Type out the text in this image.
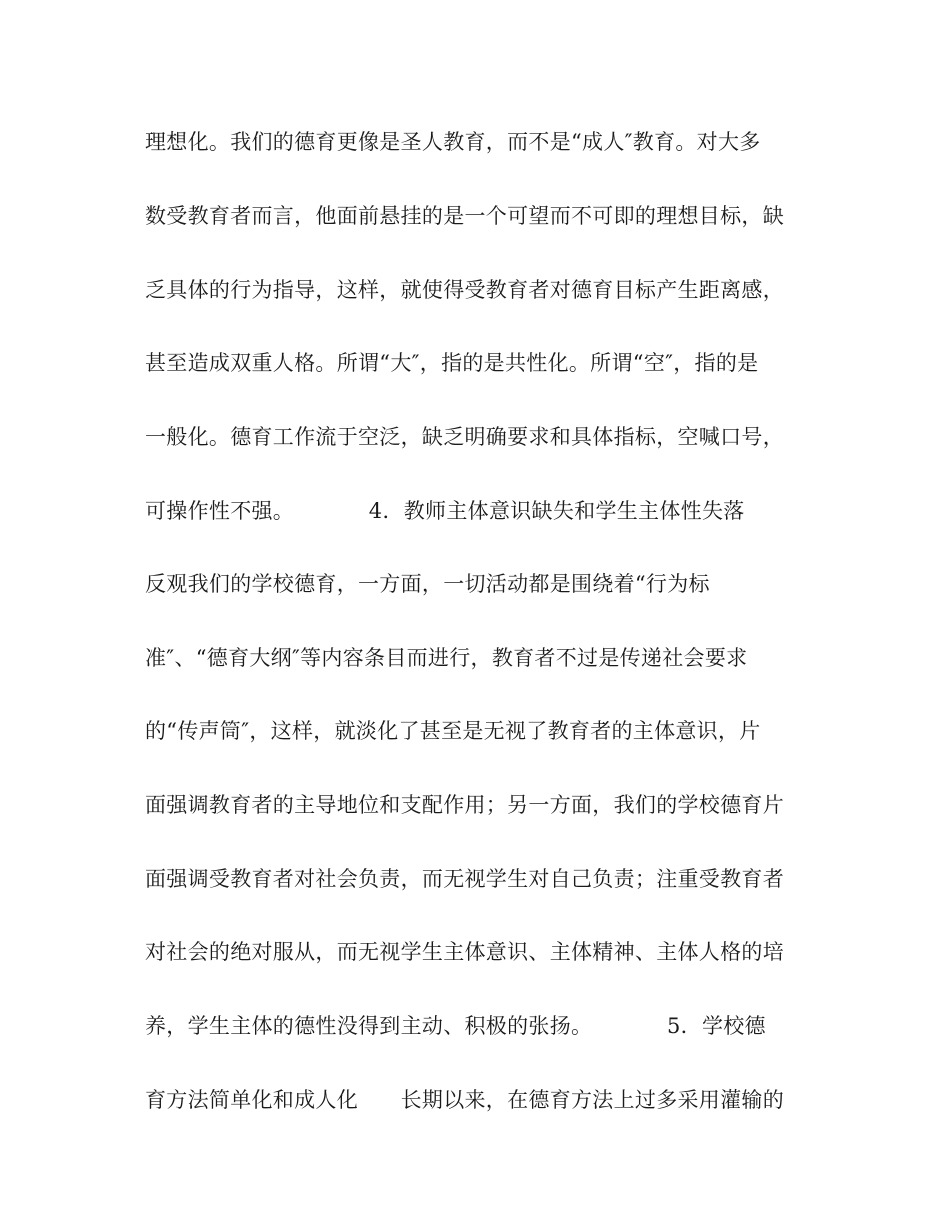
理想化。我们的德育更像是圣人教育，而不是“成人″教育。对大多
数受教育者而言，他面前悬挂的是一个可望而不可即的理想目标，缺
乏具体的行为指导，这样，就使得受教育者对德育目标产生距离感，
甚至造成双重人格。所谓“大″，指的是共性化。所谓“空″，指的是
一般化。德育工作流于空泛，缺乏明确要求和具体指标，空喊口号，
可操作性不强。　　　　4．教师主体意识缺失和学生主体性失落
反观我们的学校德育，一方面，一切活动都是围绕着“行为标
准″、“德育大纲″等内容条目而进行，教育者不过是传递社会要求
的“传声筒″，这样，就淡化了甚至是无视了教育者的主体意识，片
面强调教育者的主导地位和支配作用；另一方面，我们的学校德育片
面强调受教育者对社会负责，而无视学生对自己负责；注重受教育者
对社会的绝对服从，而无视学生主体意识、主体精神、主体人格的培
养，学生主体的德性没得到主动、积极的张扬。　　　　5．学校德
育方法简单化和成人化　　长期以来，在德育方法上过多采用灌输的
